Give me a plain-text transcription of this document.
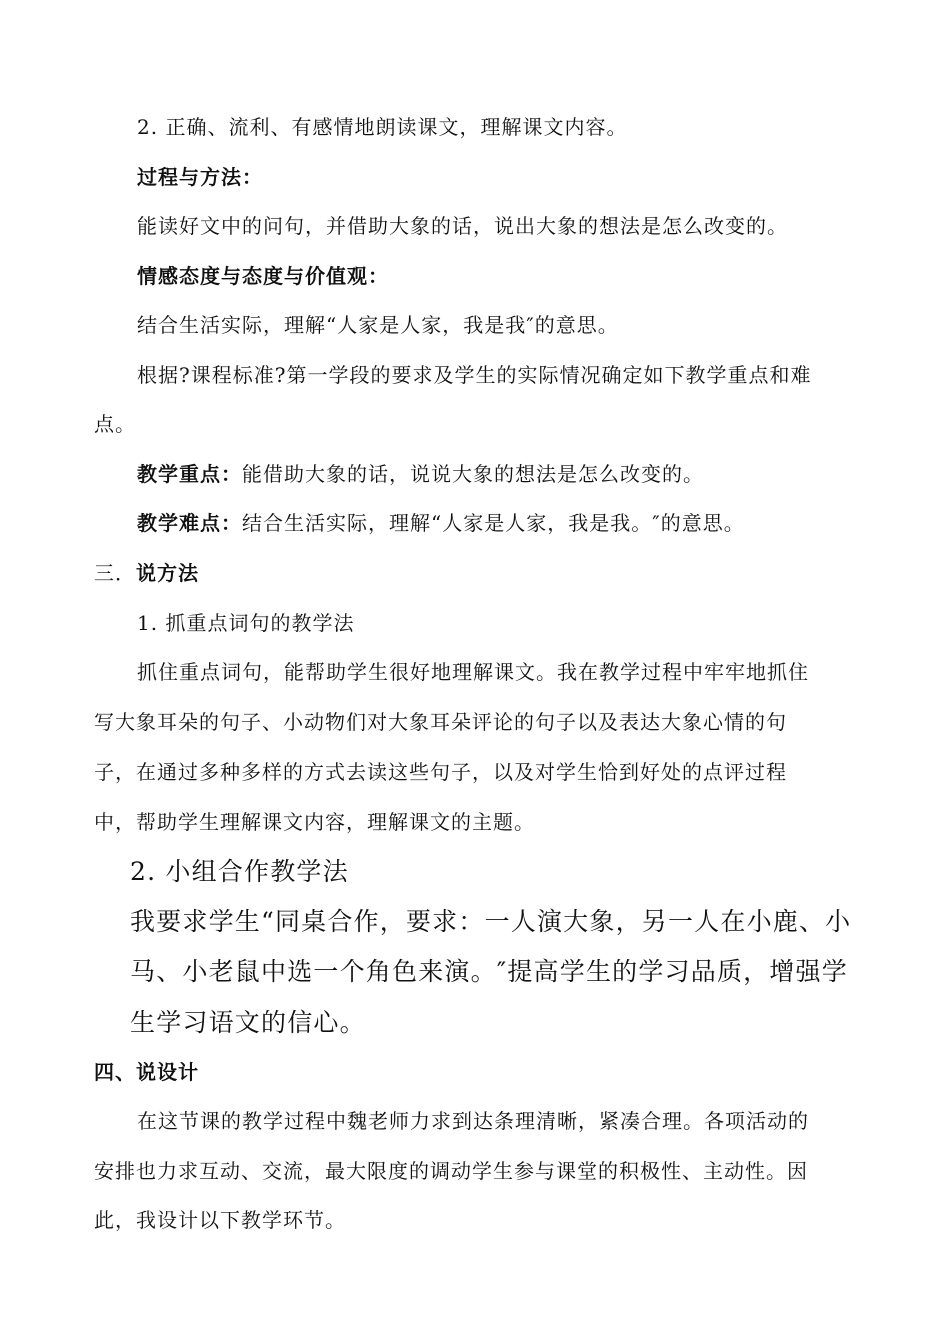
2. 正确、流利、有感情地朗读课文，理解课文内容。
过程与方法：
能读好文中的问句，并借助大象的话，说出大象的想法是怎么改变的。
情感态度与态度与价值观：
结合生活实际，理解“人家是人家，我是我″的意思。
根据?课程标准?第一学段的要求及学生的实际情况确定如下教学重点和难
点。
教学重点：能借助大象的话，说说大象的想法是怎么改变的。
教学难点：结合生活实际，理解“人家是人家，我是我。″的意思。
三．说方法
1. 抓重点词句的教学法
抓住重点词句，能帮助学生很好地理解课文。我在教学过程中牢牢地抓住
写大象耳朵的句子、小动物们对大象耳朵评论的句子以及表达大象心情的句
子，在通过多种多样的方式去读这些句子，以及对学生恰到好处的点评过程
中，帮助学生理解课文内容，理解课文的主题。
2. 小组合作教学法
我要求学生“同桌合作，要求：一人演大象，另一人在小鹿、小
马、小老鼠中选一个角色来演。″提高学生的学习品质，增强学
生学习语文的信心。
四、说设计
在这节课的教学过程中魏老师力求到达条理清晰，紧凑合理。各项活动的
安排也力求互动、交流，最大限度的调动学生参与课堂的积极性、主动性。因
此，我设计以下教学环节。
